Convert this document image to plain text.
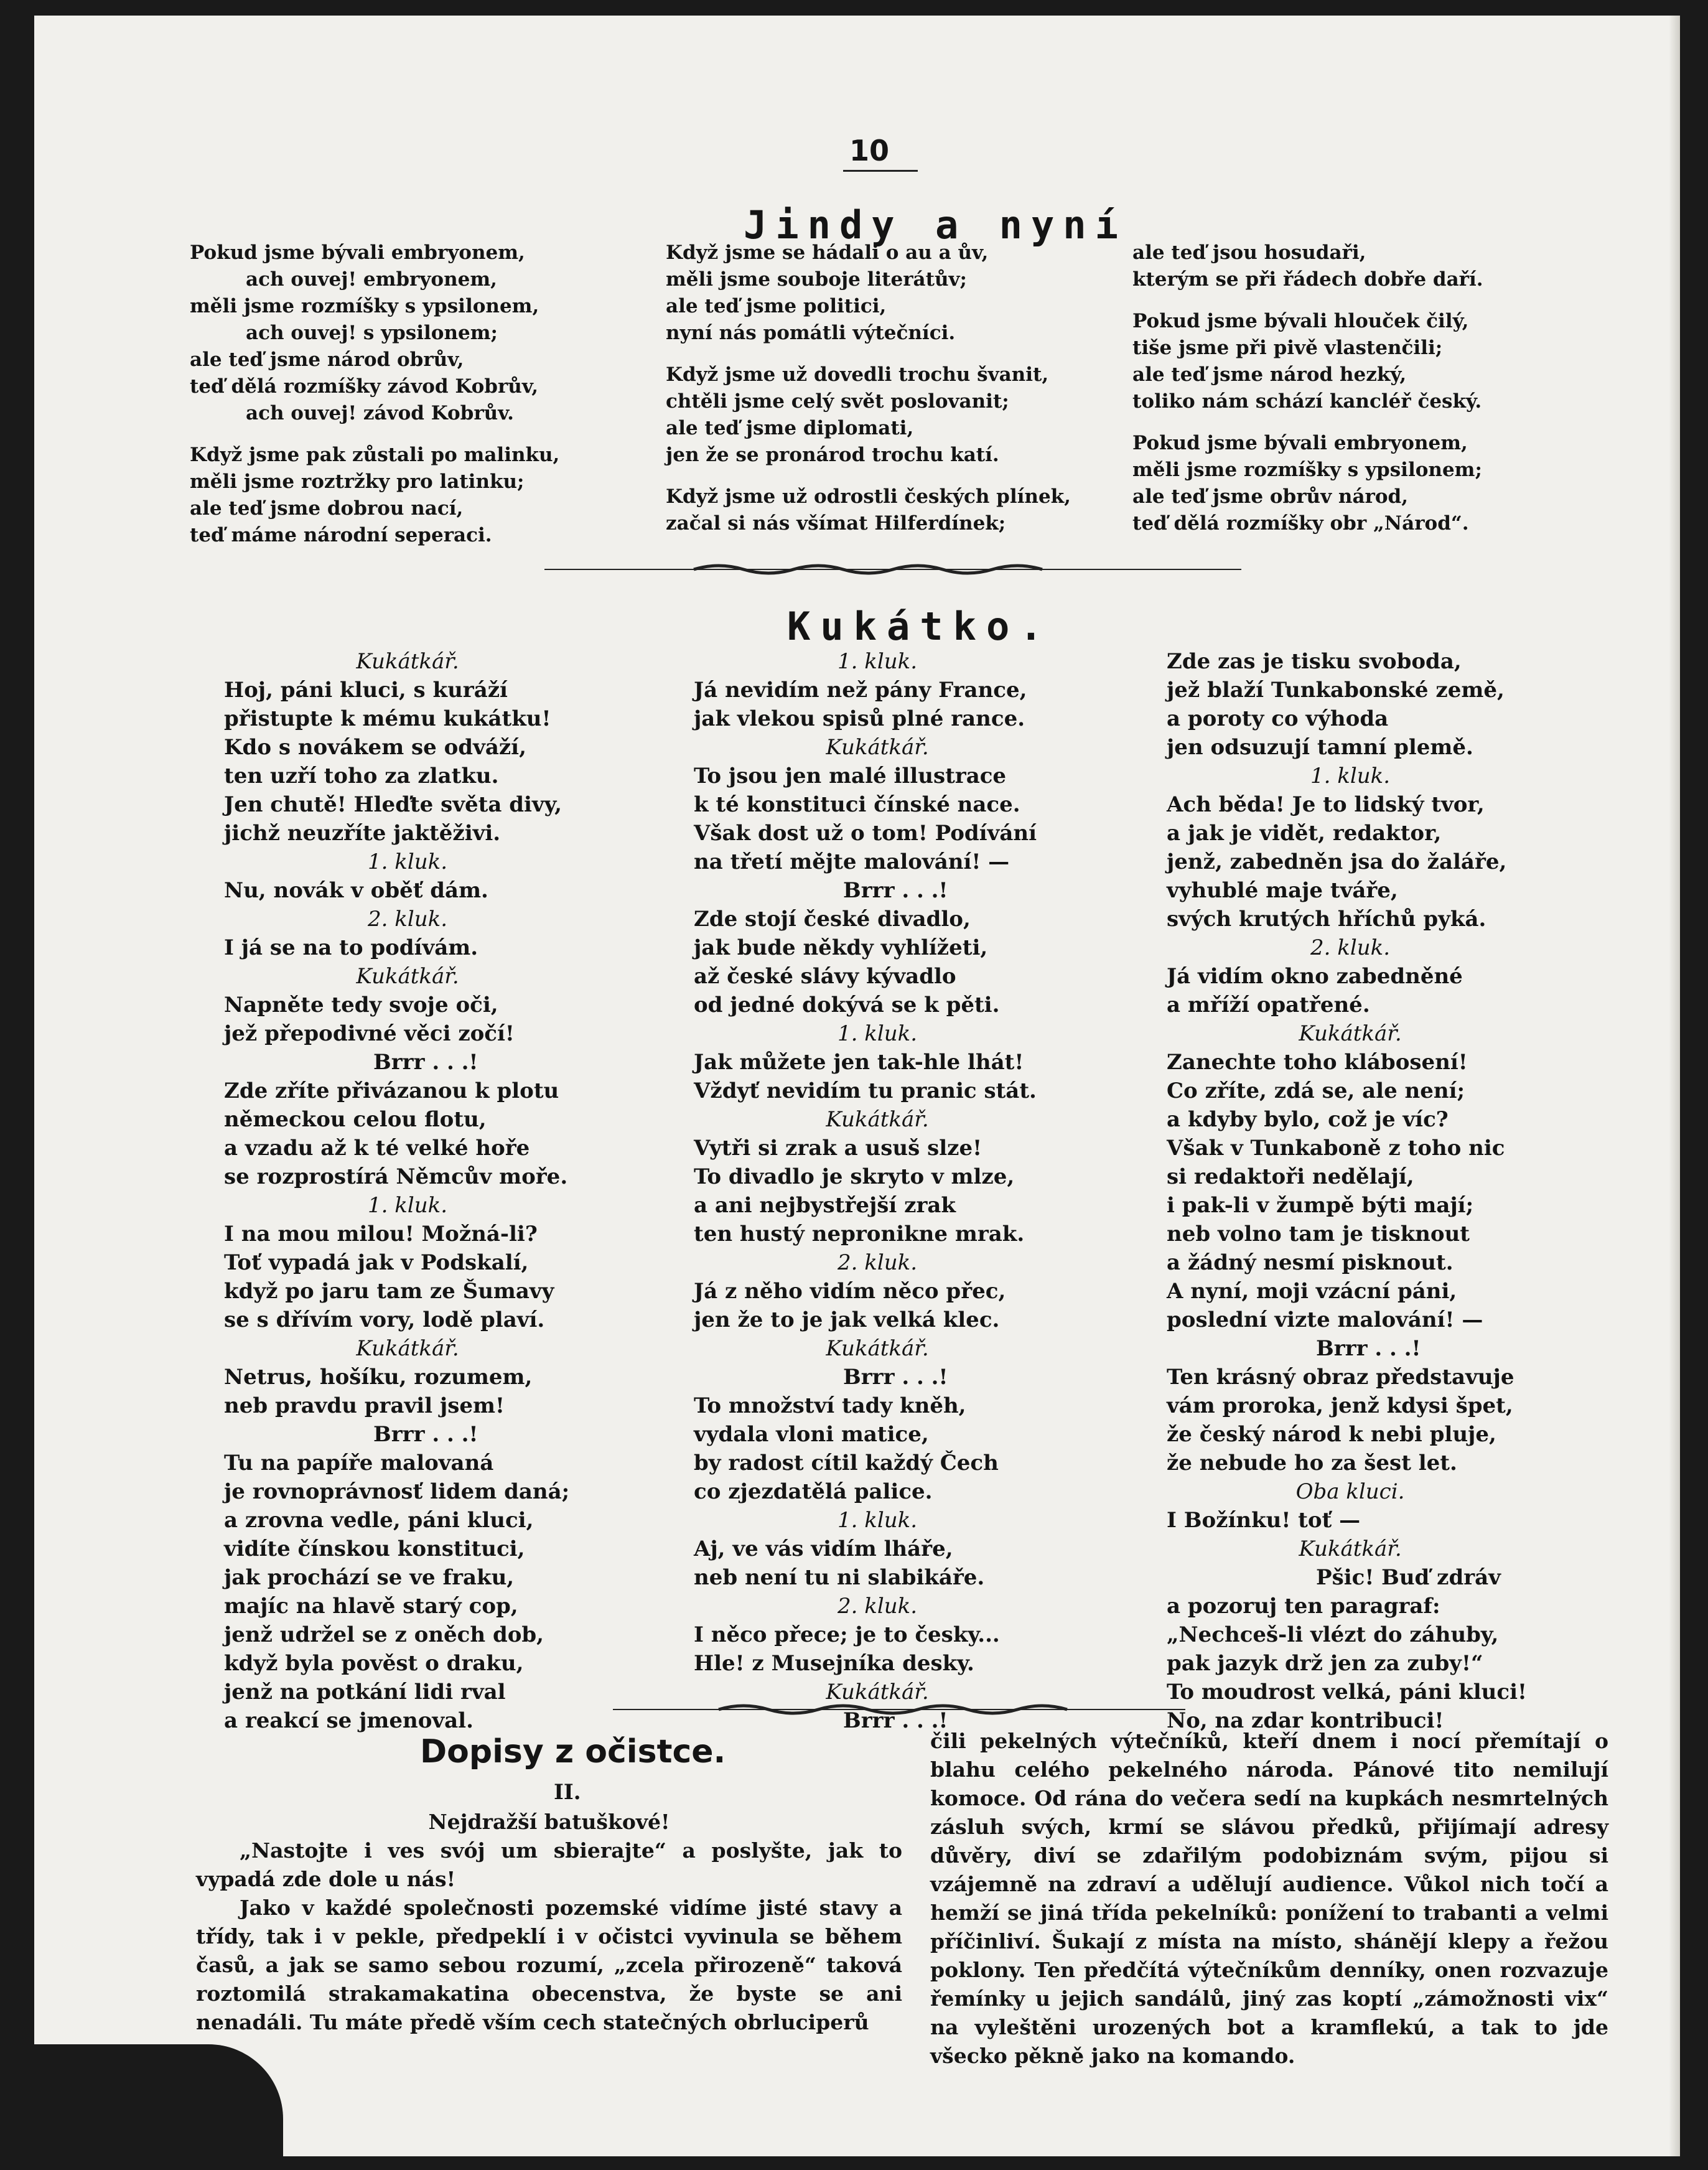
10
Jindy a nyní

Pokud jsme bývali embryonem,

ach ouvej! embryonem,

měli jsme rozmíšky s ypsilonem,

ach ouvej! s ypsilonem;

ale teď jsme národ obrův,

teď dělá rozmíšky závod Kobrův,

ach ouvej! závod Kobrův.

Když jsme pak zůstali po malinku,

měli jsme roztržky pro latinku;

ale teď jsme dobrou nací,

teď máme národní seperaci.

Když jsme se hádali o au a ův,

měli jsme souboje literátův;

ale teď jsme politici,

nyní nás pomátli výtečníci.

Když jsme už dovedli trochu švanit,

chtěli jsme celý svět poslovanit;

ale teď jsme diplomati,

jen že se pronárod trochu katí.

Když jsme už odrostli českých plínek,

začal si nás všímat Hilferdínek;

ale teď jsou hosudaři,

kterým se při řádech dobře daří.

Pokud jsme bývali hlouček čilý,

tiše jsme při pivě vlastenčili;

ale teď jsme národ hezký,

toliko nám schází kancléř český.

Pokud jsme bývali embryonem,

měli jsme rozmíšky s ypsilonem;

ale teď jsme obrův národ,

teď dělá rozmíšky obr „Národ“.

Kukátko.

Kukátkář.

Hoj, páni kluci, s kuráží

přistupte k mému kukátku!

Kdo s novákem se odváží,

ten uzří toho za zlatku.

Jen chutě! Hleďte světa divy,

jichž neuzříte jaktěživi.

1. kluk.

Nu, novák v oběť dám.

2. kluk.

I já se na to podívám.

Kukátkář.

Napněte tedy svoje oči,

jež přepodivné věci zočí!

Brrr . . .!

Zde zříte přivázanou k plotu

německou celou flotu,

a vzadu až k té velké hoře

se rozprostírá Němcův moře.

1. kluk.

I na mou milou! Možná-li?

Toť vypadá jak v Podskalí,

když po jaru tam ze Šumavy

se s dřívím vory, lodě plaví.

Kukátkář.

Netrus, hošíku, rozumem,

neb pravdu pravil jsem!

Brrr . . .!

Tu na papíře malovaná

je rovnoprávnosť lidem daná;

a zrovna vedle, páni kluci,

vidíte čínskou konstituci,

jak prochází se ve fraku,

majíc na hlavě starý cop,

jenž udržel se z oněch dob,

když byla pověst o draku,

jenž na potkání lidi rval

a reakcí se jmenoval.

1. kluk.

Já nevidím než pány France,

jak vlekou spisů plné rance.

Kukátkář.

To jsou jen malé illustrace

k té konstituci čínské nace.

Však dost už o tom! Podívání

na třetí mějte malování! —

Brrr . . .!

Zde stojí české divadlo,

jak bude někdy vyhlížeti,

až české slávy kývadlo

od jedné dokývá se k pěti.

1. kluk.

Jak můžete jen tak-hle lhát!

Vždyť nevidím tu pranic stát.

Kukátkář.

Vytři si zrak a usuš slze!

To divadlo je skryto v mlze,

a ani nejbystřejší zrak

ten hustý nepronikne mrak.

2. kluk.

Já z něho vidím něco přec,

jen že to je jak velká klec.

Kukátkář.

Brrr . . .!

To množství tady kněh,

vydala vloni matice,

by radost cítil každý Čech

co zjezdatělá palice.

1. kluk.

Aj, ve vás vidím lháře,

neb není tu ni slabikáře.

2. kluk.

I něco přece; je to česky...

Hle! z Musejníka desky.

Kukátkář.

Brrr . . .!

Zde zas je tisku svoboda,

jež blaží Tunkabonské země,

a poroty co výhoda

jen odsuzují tamní plemě.

1. kluk.

Ach běda! Je to lidský tvor,

a jak je vidět, redaktor,

jenž, zabedněn jsa do žaláře,

vyhublé maje tváře,

svých krutých hříchů pyká.

2. kluk.

Já vidím okno zabedněné

a mříží opatřené.

Kukátkář.

Zanechte toho klábosení!

Co zříte, zdá se, ale není;

a kdyby bylo, což je víc?

Však v Tunkaboně z toho nic

si redaktoři nedělají,

i pak-li v žumpě býti mají;

neb volno tam je tisknout

a žádný nesmí pisknout.

A nyní, moji vzácní páni,

poslední vizte malování! —

Brrr . . .!

Ten krásný obraz představuje

vám proroka, jenž kdysi špet,

že český národ k nebi pluje,

že nebude ho za šest let.

Oba kluci.

I Božínku! toť —

Kukátkář.

Pšic! Buď zdráv

a pozoruj ten paragraf:

„Nechceš-li vlézt do záhuby,

pak jazyk drž jen za zuby!“

To moudrost velká, páni kluci!

No, na zdar kontribuci!

Dopisy z očistce.
II.

Nejdražší batuškové!

„Nastojte i ves svój um sbierajte“ a poslyšte, jak to vypadá zde dole u nás!

Jako v každé společnosti pozemské vidíme jisté stavy a třídy, tak i v pekle, předpeklí i v očistci vyvinula se během časů, a jak se samo sebou rozumí, „zcela přirozeně“ taková roztomilá strakamakatina obecenstva, že byste se ani nenadáli. Tu máte předě vším cech statečných obrluciperů

čili pekelných výtečníků, kteří dnem i nocí přemítají o blahu celého pekelného národa. Pánové tito nemilují komoce. Od rána do večera sedí na kupkách nesmrtelných zásluh svých, krmí se slávou předků, přijímají adresy důvěry, diví se zdařilým podobiznám svým, pijou si vzájemně na zdraví a udělují audience. Vůkol nich točí a hemží se jiná třída pekelníků: ponížení to trabanti a velmi příčinliví. Šukají z místa na místo, shánějí klepy a řežou poklony. Ten předčítá výtečníkům denníky, onen rozvazuje řemínky u jejich sandálů, jiný zas koptí „zámožnosti vix“ na vyleštěni urozených bot a kramflekú, a tak to jde všecko pěkně jako na komando.
